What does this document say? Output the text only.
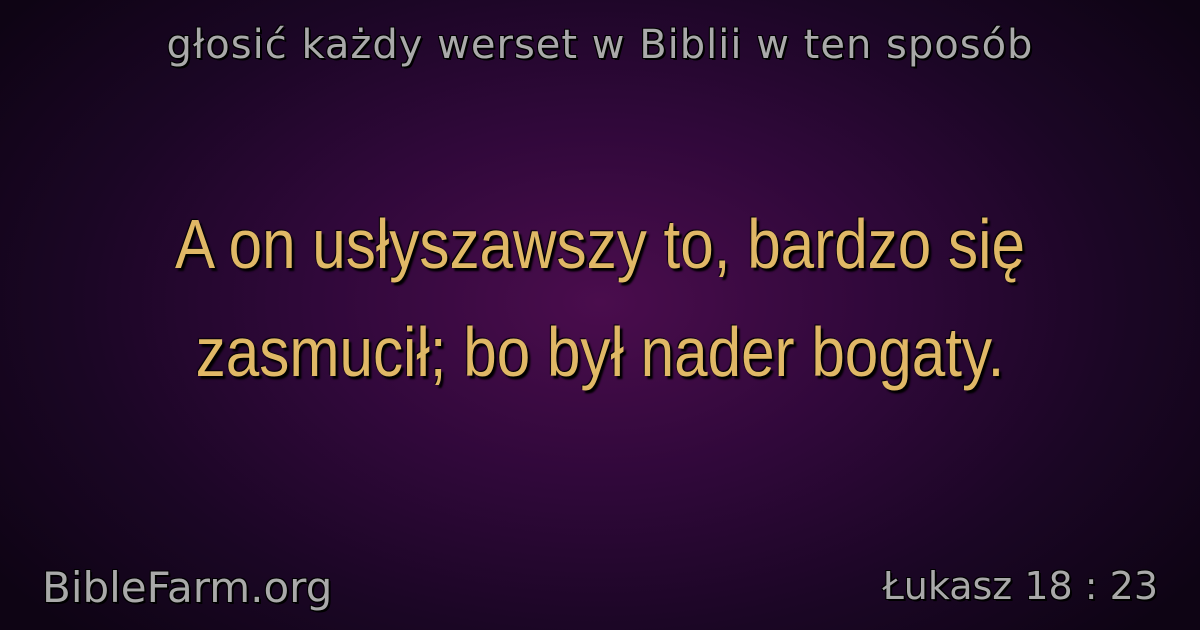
głosić każdy werset w Biblii w ten sposób
A on usłyszawszy to, bardzo się
zasmucił; bo był nader bogaty.
BibleFarm.org	Łukasz 18 : 23
